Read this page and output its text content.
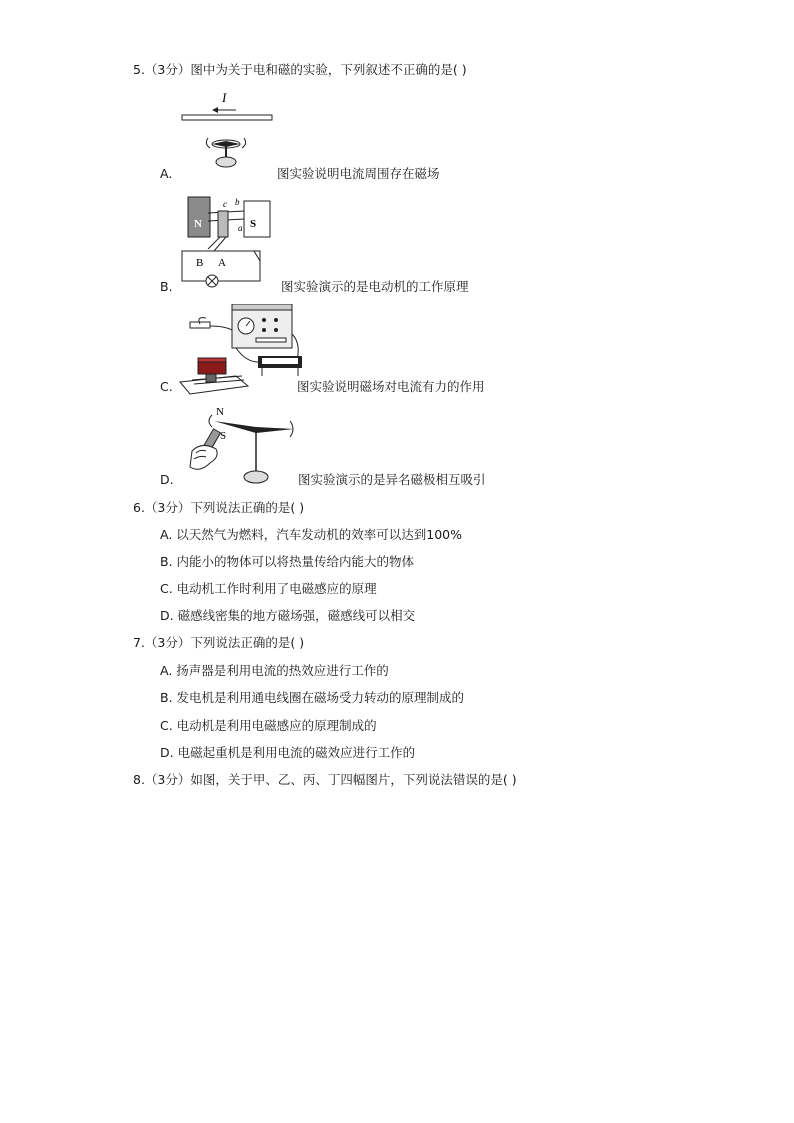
5.（3分）图中为关于电和磁的实验，下列叙述不正确的是( )
I
A.	图实验说明电流周围存在磁场
N	S
c b
a
B A
B.	图实验演示的是电动机的工作原理
C.	图实验说明磁场对电流有力的作用
N
S
D.	图实验演示的是异名磁极相互吸引
6.（3分）下列说法正确的是( )
A. 以天然气为燃料，汽车发动机的效率可以达到100%
B. 内能小的物体可以将热量传给内能大的物体
C. 电动机工作时利用了电磁感应的原理
D. 磁感线密集的地方磁场强，磁感线可以相交
7.（3分）下列说法正确的是( )
A. 扬声器是利用电流的热效应进行工作的
B. 发电机是利用通电线圈在磁场受力转动的原理制成的
C. 电动机是利用电磁感应的原理制成的
D. 电磁起重机是利用电流的磁效应进行工作的
8.（3分）如图，关于甲、乙、丙、丁四幅图片，下列说法错误的是( )
